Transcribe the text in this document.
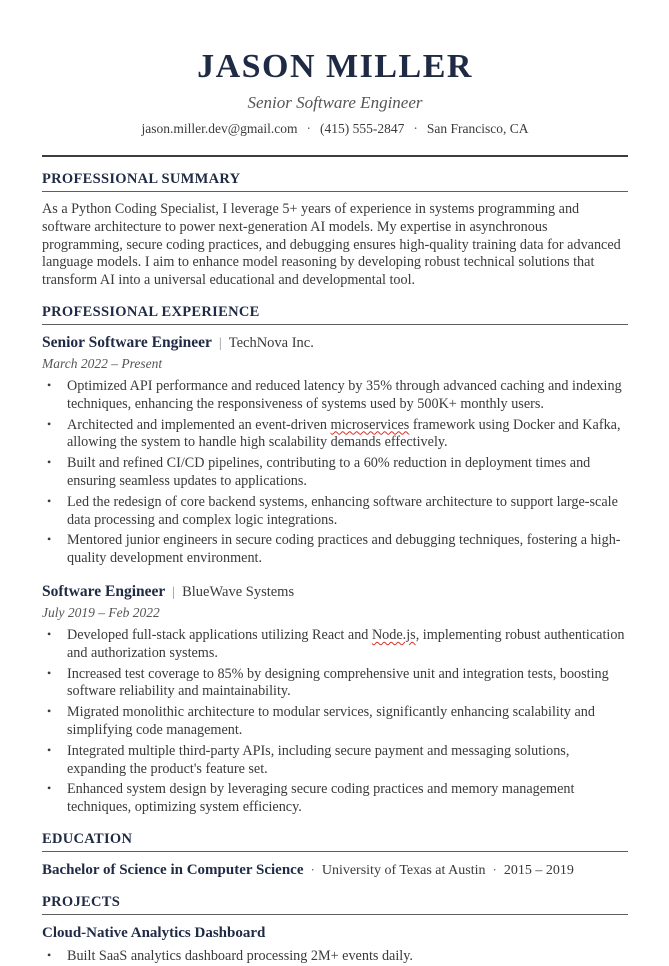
JASON MILLER
Senior Software Engineer
jason.miller.dev@gmail.com · (415) 555-2847 · San Francisco, CA
PROFESSIONAL SUMMARY

As a Python Coding Specialist, I leverage 5+ years of experience in systems programming and software architecture to power next-generation AI models. My expertise in asynchronous programming, secure coding practices, and debugging ensures high-quality training data for advanced language models. I aim to enhance model reasoning by developing robust technical solutions that transform AI into a universal educational and developmental tool.

PROFESSIONAL EXPERIENCE
Senior Software Engineer | TechNova Inc.
March 2022 – Present
• Optimized API performance and reduced latency by 35% through advanced caching and indexing techniques, enhancing the responsiveness of systems used by 500K+ monthly users.
• Architected and implemented an event-driven microservices framework using Docker and Kafka, allowing the system to handle high scalability demands effectively.
• Built and refined CI/CD pipelines, contributing to a 60% reduction in deployment times and ensuring seamless updates to applications.
• Led the redesign of core backend systems, enhancing software architecture to support large-scale data processing and complex logic integrations.
• Mentored junior engineers in secure coding practices and debugging techniques, fostering a high-quality development environment.
Software Engineer | BlueWave Systems
July 2019 – Feb 2022
• Developed full-stack applications utilizing React and Node.js, implementing robust authentication and authorization systems.
• Increased test coverage to 85% by designing comprehensive unit and integration tests, boosting software reliability and maintainability.
• Migrated monolithic architecture to modular services, significantly enhancing scalability and simplifying code management.
• Integrated multiple third-party APIs, including secure payment and messaging solutions, expanding the product's feature set.
• Enhanced system design by leveraging secure coding practices and memory management techniques, optimizing system efficiency.
EDUCATION
Bachelor of Science in Computer Science · University of Texas at Austin · 2015 – 2019
PROJECTS
Cloud-Native Analytics Dashboard
• Built SaaS analytics dashboard processing 2M+ events daily.
